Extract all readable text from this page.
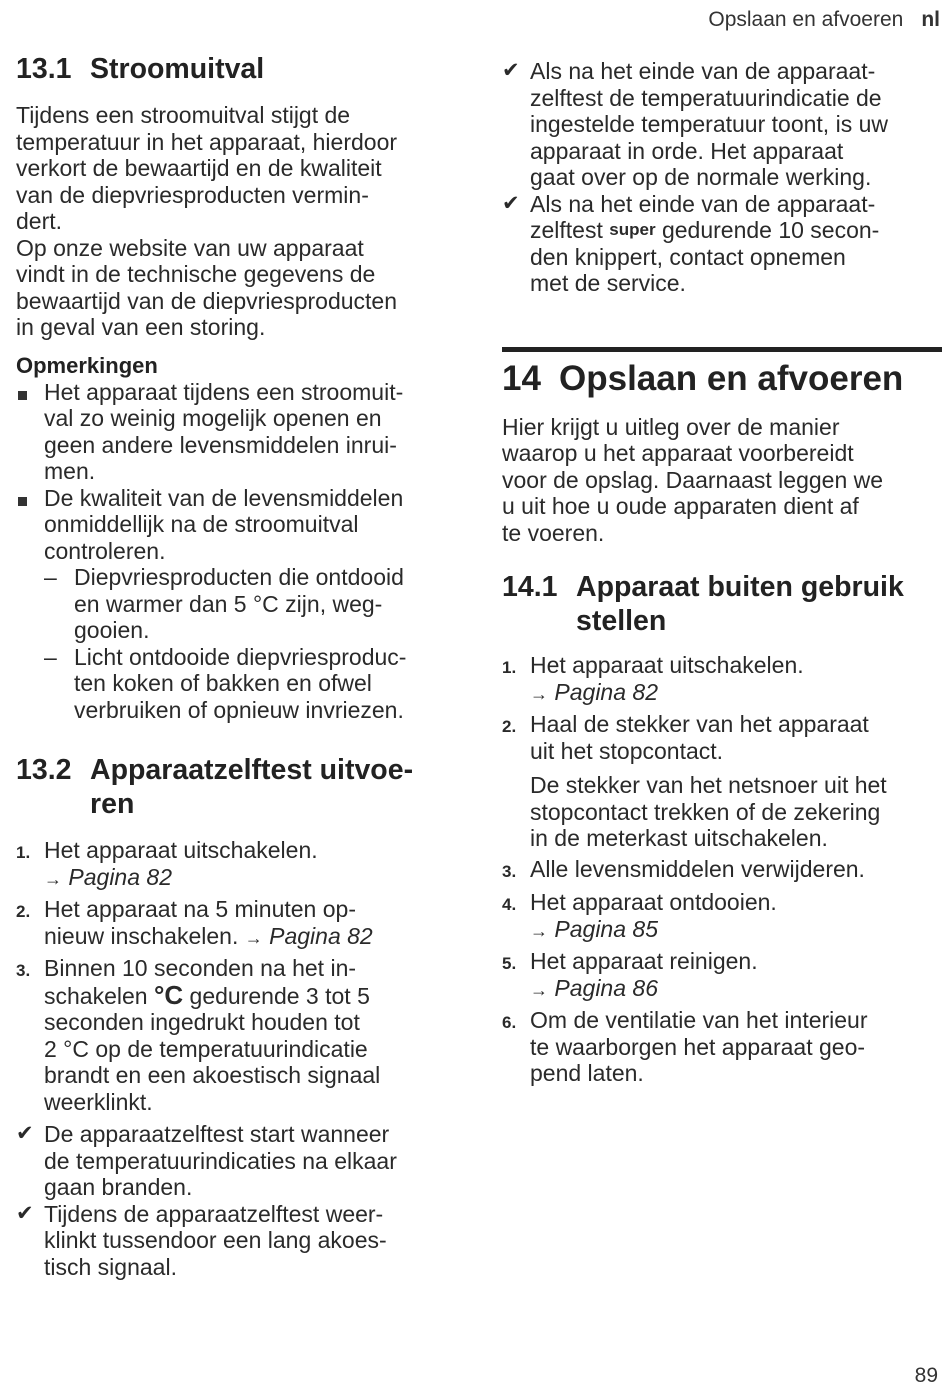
Opslaan en afvoeren nl
13.1 Stroomuitval
Tijdens een stroomuitval stijgt de
temperatuur in het apparaat, hierdoor
verkort de bewaartijd en de kwaliteit
van de diepvriesproducten vermin-
dert.
Op onze website van uw apparaat
vindt in de technische gegevens de
bewaartijd van de diepvriesproducten
in geval van een storing.
Opmerkingen
Het apparaat tijdens een stroomuit-
val zo weinig mogelijk openen en
geen andere levensmiddelen inrui-
men.
De kwaliteit van de levensmiddelen
onmiddellijk na de stroomuitval
controleren.
– Diepvriesproducten die ontdooid
en warmer dan 5 °C zijn, weg-
gooien.
– Licht ontdooide diepvriesproduc-
ten koken of bakken en ofwel
verbruiken of opnieuw invriezen.
13.2 Apparaatzelftest uitvoe-
ren
1. Het apparaat uitschakelen.
→ Pagina 82
2. Het apparaat na 5 minuten op-
nieuw inschakelen. → Pagina 82
3. Binnen 10 seconden na het in-
schakelen °C gedurende 3 tot 5
seconden ingedrukt houden tot
2 °C op de temperatuurindicatie
brandt en een akoestisch signaal
weerklinkt.
✔ De apparaatzelftest start wanneer
de temperatuurindicaties na elkaar
gaan branden.
✔ Tijdens de apparaatzelftest weer-
klinkt tussendoor een lang akoes-
tisch signaal.
✔ Als na het einde van de apparaat-
zelftest de temperatuurindicatie de
ingestelde temperatuur toont, is uw
apparaat in orde. Het apparaat
gaat over op de normale werking.
✔ Als na het einde van de apparaat-
zelftest super gedurende 10 secon-
den knippert, contact opnemen
met de service.
14 Opslaan en afvoeren
Hier krijgt u uitleg over de manier
waarop u het apparaat voorbereidt
voor de opslag. Daarnaast leggen we
u uit hoe u oude apparaten dient af
te voeren.
14.1 Apparaat buiten gebruik
stellen
1. Het apparaat uitschakelen.
→ Pagina 82
2. Haal de stekker van het apparaat
uit het stopcontact.
De stekker van het netsnoer uit het
stopcontact trekken of de zekering
in de meterkast uitschakelen.
3. Alle levensmiddelen verwijderen.
4. Het apparaat ontdooien.
→ Pagina 85
5. Het apparaat reinigen.
→ Pagina 86
6. Om de ventilatie van het interieur
te waarborgen het apparaat geo-
pend laten.
89
